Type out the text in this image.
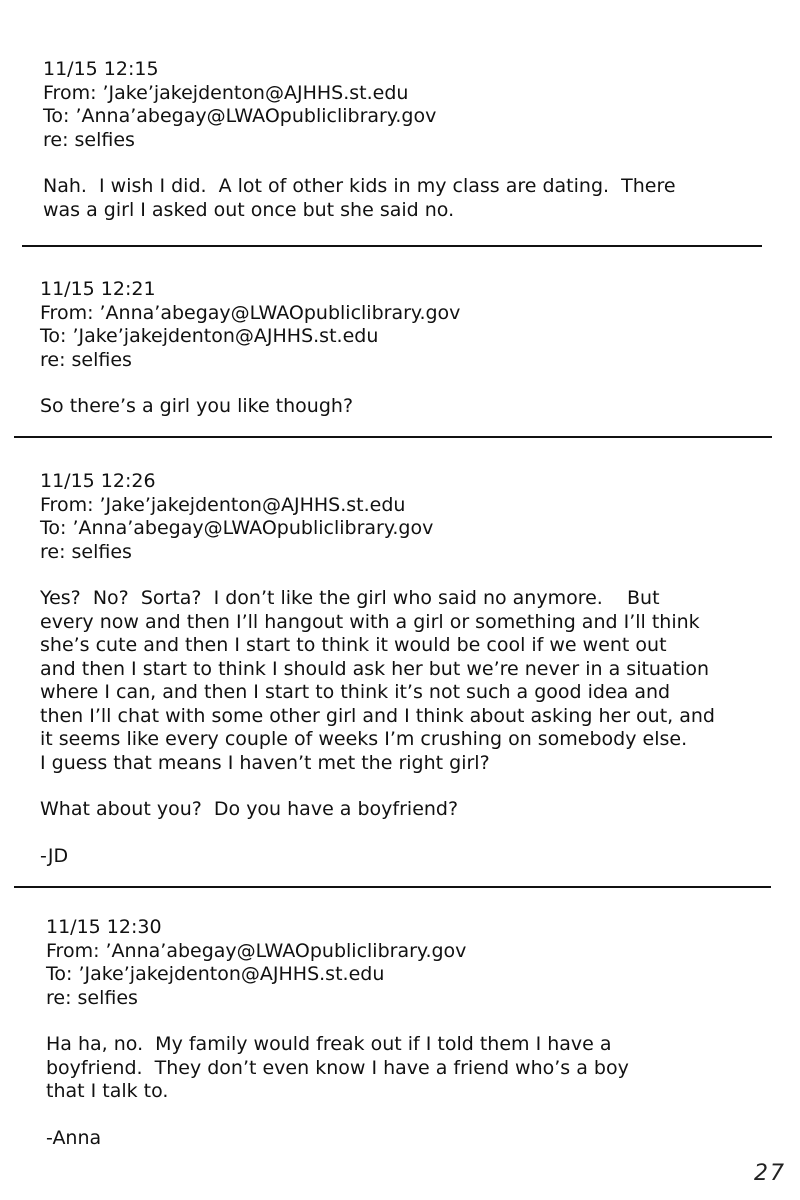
11/15 12:15
From: ’Jake’jakejdenton@AJHHS.st.edu
To: ’Anna’abegay@LWAOpubliclibrary.gov
re: selfies
Nah.  I wish I did.  A lot of other kids in my class are dating.  There
was a girl I asked out once but she said no.
11/15 12:21
From: ’Anna’abegay@LWAOpubliclibrary.gov
To: ’Jake’jakejdenton@AJHHS.st.edu
re: selfies
So there’s a girl you like though?
11/15 12:26
From: ’Jake’jakejdenton@AJHHS.st.edu
To: ’Anna’abegay@LWAOpubliclibrary.gov
re: selfies
Yes?  No?  Sorta?  I don’t like the girl who said no anymore.    But
every now and then I’ll hangout with a girl or something and I’ll think
she’s cute and then I start to think it would be cool if we went out
and then I start to think I should ask her but we’re never in a situation
where I can, and then I start to think it’s not such a good idea and
then I’ll chat with some other girl and I think about asking her out, and
it seems like every couple of weeks I’m crushing on somebody else.
I guess that means I haven’t met the right girl?
What about you?  Do you have a boyfriend?
-JD
11/15 12:30
From: ’Anna’abegay@LWAOpubliclibrary.gov
To: ’Jake’jakejdenton@AJHHS.st.edu
re: selfies
Ha ha, no.  My family would freak out if I told them I have a
boyfriend.  They don’t even know I have a friend who’s a boy
that I talk to.
-Anna
27
